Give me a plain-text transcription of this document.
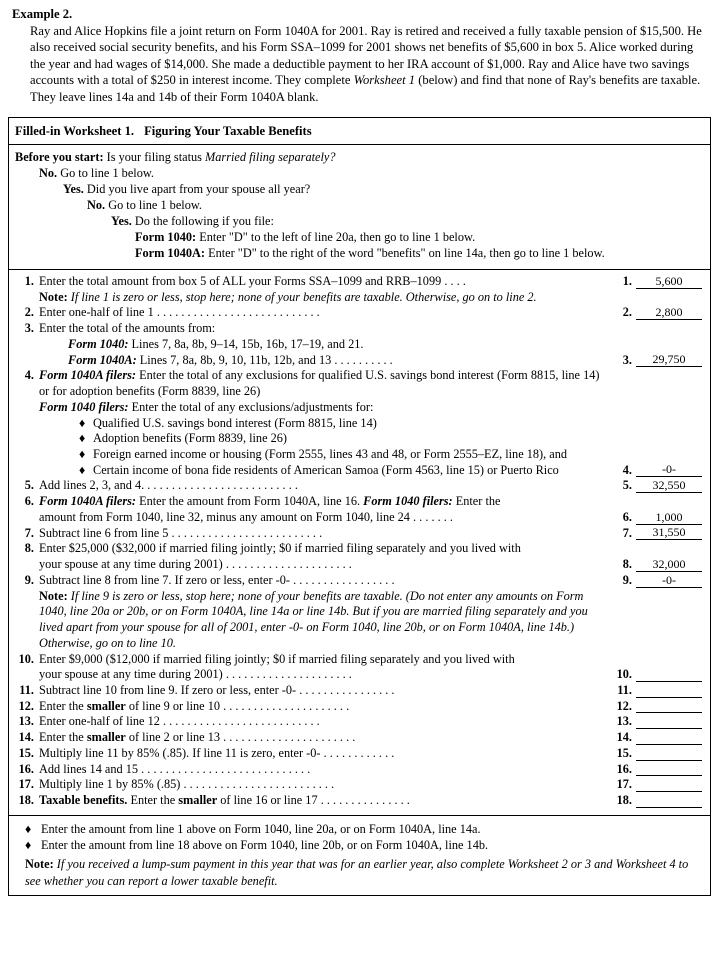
Example 2.
Ray and Alice Hopkins file a joint return on Form 1040A for 2001. Ray is retired and received a fully taxable pension of $15,500. He also received social security benefits, and his Form SSA–1099 for 2001 shows net benefits of $5,600 in box 5. Alice worked during the year and had wages of $14,000. She made a deductible payment to her IRA account of $1,000. Ray and Alice have two savings accounts with a total of $250 in interest income. They complete Worksheet 1 (below) and find that none of Ray's benefits are taxable. They leave lines 14a and 14b of their Form 1040A blank.
Filled-in Worksheet 1. Figuring Your Taxable Benefits
Before you start: Is your filing status Married filing separately?
No. Go to line 1 below.
Yes. Did you live apart from your spouse all year?
No. Go to line 1 below.
Yes. Do the following if you file:
Form 1040: Enter "D" to the left of line 20a, then go to line 1 below.
Form 1040A: Enter "D" to the right of the word "benefits" on line 14a, then go to line 1 below.
1. Enter the total amount from box 5 of ALL your Forms SSA–1099 and RRB–1099 . . . .	1.	5,600
Note: If line 1 is zero or less, stop here; none of your benefits are taxable. Otherwise, go on to line 2.
2. Enter one-half of line 1 . . . . . . . . . . . . . . . . . . . . . . . . . . .	2.	2,800
3. Enter the total of the amounts from:
Form 1040: Lines 7, 8a, 8b, 9–14, 15b, 16b, 17–19, and 21.
Form 1040A: Lines 7, 8a, 8b, 9, 10, 11b, 12b, and 13 . . . . . . . . . .	3.	29,750
4. Form 1040A filers: Enter the total of any exclusions for qualified U.S. savings bond interest (Form 8815, line 14) or for adoption benefits (Form 8839, line 26)
Form 1040 filers: Enter the total of any exclusions/adjustments for:
♦ Qualified U.S. savings bond interest (Form 8815, line 14)
♦ Adoption benefits (Form 8839, line 26)
♦ Foreign earned income or housing (Form 2555, lines 43 and 48, or Form 2555–EZ, line 18), and
♦ Certain income of bona fide residents of American Samoa (Form 4563, line 15) or Puerto Rico	4.	-0-
5. Add lines 2, 3, and 4. . . . . . . . . . . . . . . . . . . . . . . . . .	5.	32,550
6. Form 1040A filers: Enter the amount from Form 1040A, line 16. Form 1040 filers: Enter the
amount from Form 1040, line 32, minus any amount on Form 1040, line 24 . . . . . . .	6.	1,000
7. Subtract line 6 from line 5 . . . . . . . . . . . . . . . . . . . . . . . . .	7.	31,550
8. Enter $25,000 ($32,000 if married filing jointly; $0 if married filing separately and you lived with
your spouse at any time during 2001) . . . . . . . . . . . . . . . . . . . . .	8.	32,000
9. Subtract line 8 from line 7. If zero or less, enter -0- . . . . . . . . . . . . . . . . .	9.	-0-
Note: If line 9 is zero or less, stop here; none of your benefits are taxable. (Do not enter any amounts on Form 1040, line 20a or 20b, or on Form 1040A, line 14a or line 14b. But if you are married filing separately and you lived apart from your spouse for all of 2001, enter -0- on Form 1040, line 20b, or on Form 1040A, line 14b.) Otherwise, go on to line 10.
10. Enter $9,000 ($12,000 if married filing jointly; $0 if married filing separately and you lived with
your spouse at any time during 2001) . . . . . . . . . . . . . . . . . . . . .	10.
11. Subtract line 10 from line 9. If zero or less, enter -0- . . . . . . . . . . . . . . . .	11.
12. Enter the smaller of line 9 or line 10 . . . . . . . . . . . . . . . . . . . . .	12.
13. Enter one-half of line 12 . . . . . . . . . . . . . . . . . . . . . . . . . .	13.
14. Enter the smaller of line 2 or line 13 . . . . . . . . . . . . . . . . . . . . . .	14.
15. Multiply line 11 by 85% (.85). If line 11 is zero, enter -0- . . . . . . . . . . . .	15.
16. Add lines 14 and 15 . . . . . . . . . . . . . . . . . . . . . . . . . . . .	16.
17. Multiply line 1 by 85% (.85) . . . . . . . . . . . . . . . . . . . . . . . . .	17.
18. Taxable benefits. Enter the smaller of line 16 or line 17 . . . . . . . . . . . . . . .	18.
♦ Enter the amount from line 1 above on Form 1040, line 20a, or on Form 1040A, line 14a.
♦ Enter the amount from line 18 above on Form 1040, line 20b, or on Form 1040A, line 14b.
Note: If you received a lump-sum payment in this year that was for an earlier year, also complete Worksheet 2 or 3 and Worksheet 4 to see whether you can report a lower taxable benefit.
